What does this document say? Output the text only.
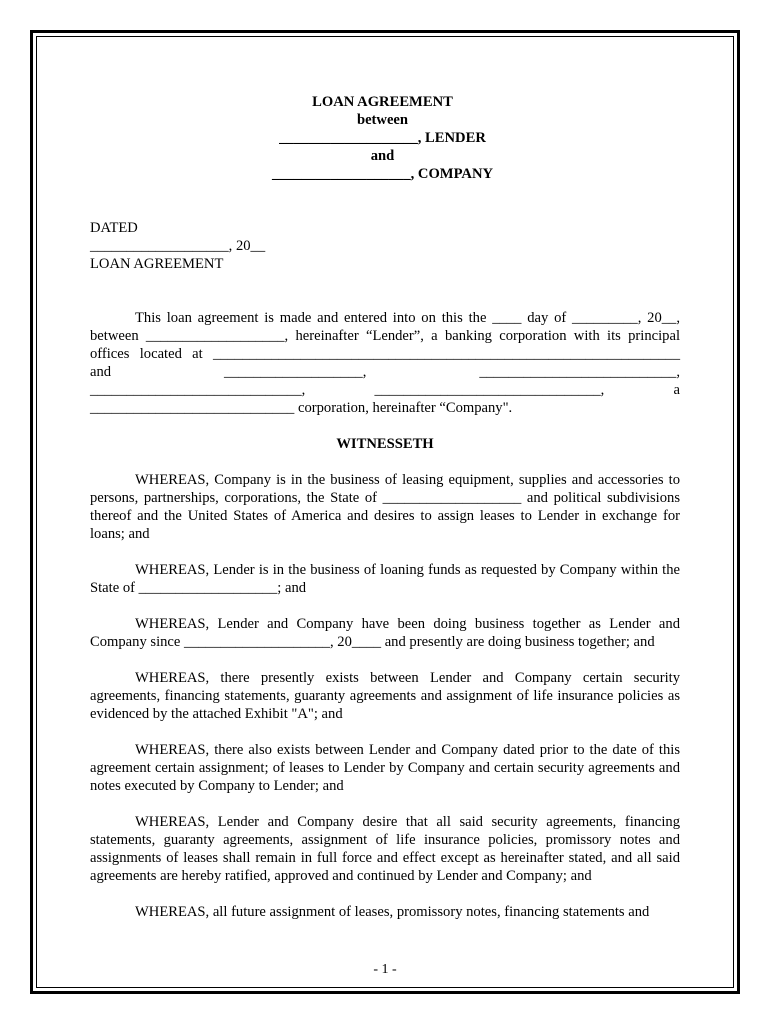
LOAN AGREEMENT
between
___________________, LENDER
and
___________________, COMPANY
DATED
___________________, 20__
LOAN AGREEMENT

This loan agreement is made and entered into on this the ____ day of _________, 20__, between ___________________, hereinafter “Lender”, a banking corporation with its principal offices located at ________________________________________________________________ and ___________________, ___________________________, _____________________________, _______________________________, a ____________________________ corporation, hereinafter “Company".

WITNESSETH

WHEREAS, Company is in the business of leasing equipment, supplies and accessories to persons, partnerships, corporations, the State of ___________________ and political subdivisions thereof and the United States of America and desires to assign leases to Lender in exchange for loans; and

WHEREAS, Lender is in the business of loaning funds as requested by Company within the State of ___________________; and

WHEREAS, Lender and Company have been doing business together as Lender and Company since ____________________, 20____ and presently are doing business together; and

WHEREAS, there presently exists between Lender and Company certain security agreements, financing statements, guaranty agreements and assignment of life insurance policies as evidenced by the attached Exhibit "A"; and

WHEREAS, there also exists between Lender and Company dated prior to the date of this agreement certain assignment; of leases to Lender by Company and certain security agreements and notes executed by Company to Lender; and

WHEREAS, Lender and Company desire that all said security agreements, financing statements, guaranty agreements, assignment of life insurance policies, promissory notes and assignments of leases shall remain in full force and effect except as hereinafter stated, and all said agreements are hereby ratified, approved and continued by Lender and Company; and

WHEREAS, all future assignment of leases, promissory notes, financing statements and

- 1 -
